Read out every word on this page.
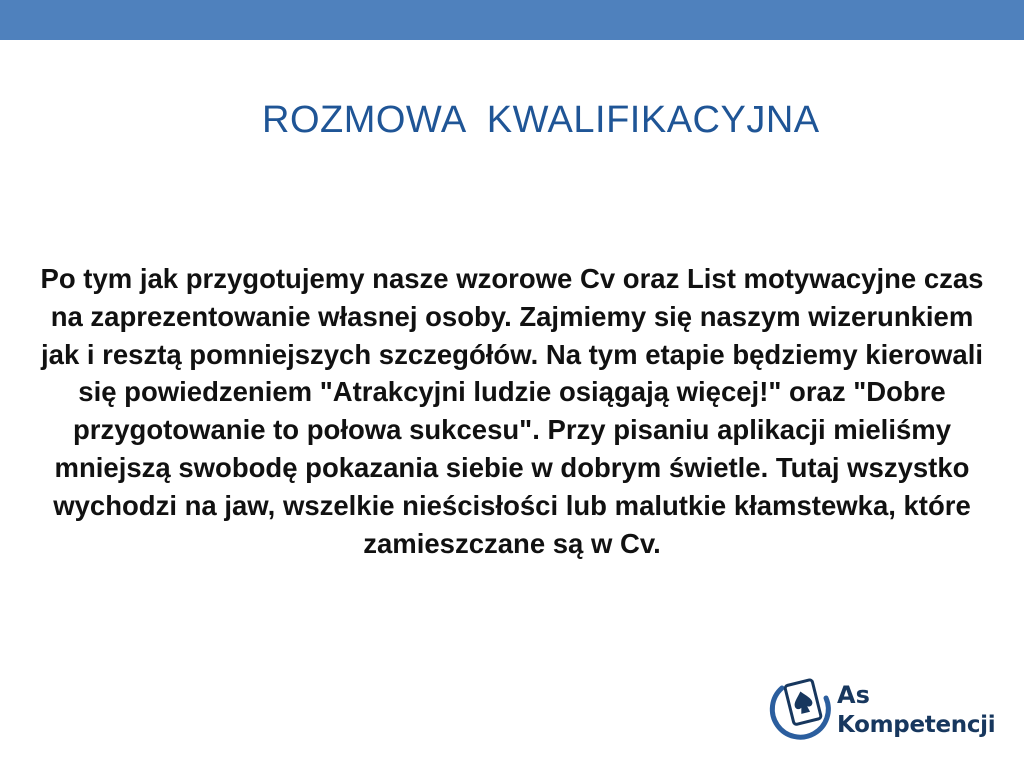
ROZMOWA  KWALIFIKACYJNA
Po tym jak przygotujemy nasze wzorowe Cv oraz List motywacyjne czas na zaprezentowanie własnej osoby. Zajmiemy się naszym wizerunkiem jak i resztą pomniejszych szczegółów. Na tym etapie będziemy kierowali się powiedzeniem "Atrakcyjni ludzie osiągają więcej!" oraz "Dobre przygotowanie to połowa sukcesu". Przy pisaniu aplikacji mieliśmy mniejszą swobodę pokazania siebie w dobrym świetle. Tutaj wszystko wychodzi na jaw, wszelkie nieścisłości lub malutkie kłamstewka, które zamieszczane są w Cv.
As
Kompetencji
